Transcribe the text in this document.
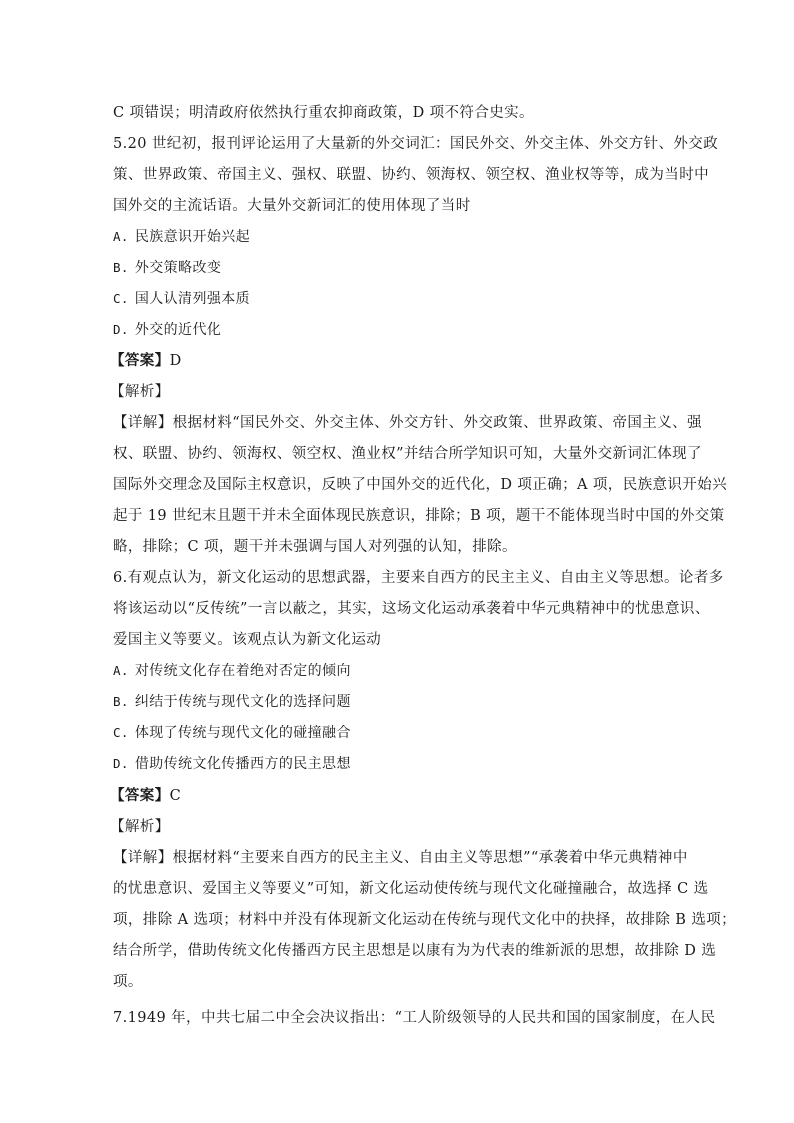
C 项错误；明清政府依然执行重农抑商政策，D 项不符合史实。
5.20 世纪初，报刊评论运用了大量新的外交词汇：国民外交、外交主体、外交方针、外交政
策、世界政策、帝国主义、强权、联盟、协约、领海权、领空权、渔业权等等，成为当时中
国外交的主流话语。大量外交新词汇的使用体现了当时
A. 民族意识开始兴起
B. 外交策略改变
C. 国人认清列强本质
D. 外交的近代化
【答案】D
【解析】
【详解】根据材料“国民外交、外交主体、外交方针、外交政策、世界政策、帝国主义、强
权、联盟、协约、领海权、领空权、渔业权”并结合所学知识可知，大量外交新词汇体现了
国际外交理念及国际主权意识，反映了中国外交的近代化，D 项正确；A 项，民族意识开始兴
起于 19 世纪末且题干并未全面体现民族意识，排除；B 项，题干不能体现当时中国的外交策
略，排除；C 项，题干并未强调与国人对列强的认知，排除。
6.有观点认为，新文化运动的思想武器，主要来自西方的民主主义、自由主义等思想。论者多
将该运动以“反传统”一言以蔽之，其实，这场文化运动承袭着中华元典精神中的忧患意识、
爱国主义等要义。该观点认为新文化运动
A. 对传统文化存在着绝对否定的倾向
B. 纠结于传统与现代文化的选择问题
C. 体现了传统与现代文化的碰撞融合
D. 借助传统文化传播西方的民主思想
【答案】C
【解析】
【详解】根据材料“主要来自西方的民主主义、自由主义等思想”“承袭着中华元典精神中
的忧患意识、爱国主义等要义”可知，新文化运动使传统与现代文化碰撞融合，故选择 C 选
项，排除 A 选项；材料中并没有体现新文化运动在传统与现代文化中的抉择，故排除 B 选项；
结合所学，借助传统文化传播西方民主思想是以康有为为代表的维新派的思想，故排除 D 选
项。
7.1949 年，中共七届二中全会决议指出：“工人阶级领导的人民共和国的国家制度，在人民
